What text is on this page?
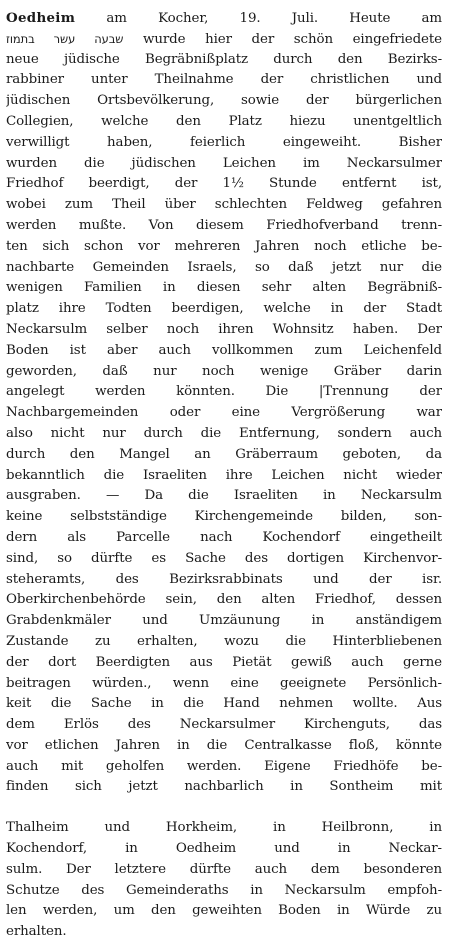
Oedheim am Kocher, 19. Juli. Heute am
שבעה עשר בתמוז wurde hier der schön eingefriedete
neue jüdische Begräbnißplatz durch den Bezirks-
rabbiner unter Theilnahme der christlichen und
jüdischen Ortsbevölkerung, sowie der bürgerlichen
Collegien, welche den Platz hiezu unentgeltlich
verwilligt haben, feierlich eingeweiht. Bisher
wurden die jüdischen Leichen im Neckarsulmer
Friedhof beerdigt, der 1½ Stunde entfernt ist,
wobei zum Theil über schlechten Feldweg gefahren
werden mußte. Von diesem Friedhofverband trenn-
ten sich schon vor mehreren Jahren noch etliche be-
nachbarte Gemeinden Israels, so daß jetzt nur die
wenigen Familien in diesen sehr alten Begräbniß-
platz ihre Todten beerdigen, welche in der Stadt
Neckarsulm selber noch ihren Wohnsitz haben. Der
Boden ist aber auch vollkommen zum Leichenfeld
geworden, daß nur noch wenige Gräber darin
angelegt werden könnten. Die |Trennung der
Nachbargemeinden oder eine Vergrößerung war
also nicht nur durch die Entfernung, sondern auch
durch den Mangel an Gräberraum geboten, da
bekanntlich die Israeliten ihre Leichen nicht wieder
ausgraben. — Da die Israeliten in Neckarsulm
keine selbstständige Kirchengemeinde bilden, son-
dern als Parcelle nach Kochendorf eingetheilt
sind, so dürfte es Sache des dortigen Kirchenvor-
steheramts, des Bezirksrabbinats und der isr.
Oberkirchenbehörde sein, den alten Friedhof, dessen
Grabdenkmäler und Umzäunung in anständigem
Zustande zu erhalten, wozu die Hinterbliebenen
der dort Beerdigten aus Pietät gewiß auch gerne
beitragen würden., wenn eine geeignete Persönlich-
keit die Sache in die Hand nehmen wollte. Aus
dem Erlös des Neckarsulmer Kirchenguts, das
vor etlichen Jahren in die Centralkasse floß, könnte
auch mit geholfen werden. Eigene Friedhöfe be-
finden sich jetzt nachbarlich in Sontheim mit
Thalheim und Horkheim, in Heilbronn, in
Kochendorf, in Oedheim und in Neckar-
sulm. Der letztere dürfte auch dem besonderen
Schutze des Gemeinderaths in Neckarsulm empfoh-
len werden, um den geweihten Boden in Würde zu
erhalten.
